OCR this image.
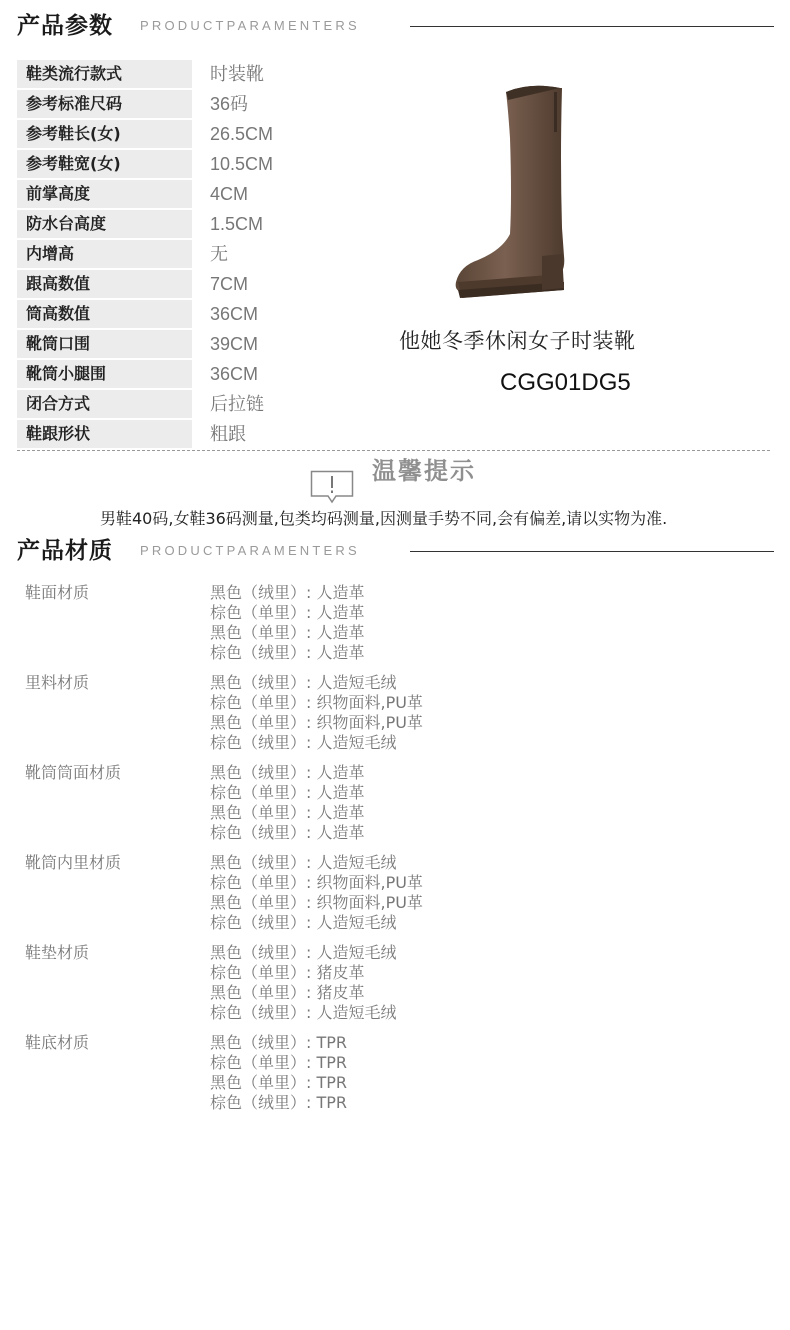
产品参数 PRODUCTPARAMENTERS
鞋类流行款式	时装靴
参考标准尺码	36码
参考鞋长(女)	26.5CM
参考鞋宽(女)	10.5CM
前掌高度	4CM
防水台高度	1.5CM
内增高	无
跟高数值	7CM
筒高数值	36CM
靴筒口围	39CM
靴筒小腿围	36CM
闭合方式	后拉链
鞋跟形状	粗跟
他她冬季休闲女子时装靴
CGG01DG5
温馨提示
男鞋40码,女鞋36码测量,包类均码测量,因测量手势不同,会有偏差,请以实物为准.
产品材质 PRODUCTPARAMENTERS
鞋面材质	黑色（绒里）: 人造革
棕色（单里）: 人造革
黑色（单里）: 人造革
棕色（绒里）: 人造革
里料材质	黑色（绒里）: 人造短毛绒
棕色（单里）: 织物面料,PU革
黑色（单里）: 织物面料,PU革
棕色（绒里）: 人造短毛绒
靴筒筒面材质	黑色（绒里）: 人造革
棕色（单里）: 人造革
黑色（单里）: 人造革
棕色（绒里）: 人造革
靴筒内里材质	黑色（绒里）: 人造短毛绒
棕色（单里）: 织物面料,PU革
黑色（单里）: 织物面料,PU革
棕色（绒里）: 人造短毛绒
鞋垫材质	黑色（绒里）: 人造短毛绒
棕色（单里）: 猪皮革
黑色（单里）: 猪皮革
棕色（绒里）: 人造短毛绒
鞋底材质	黑色（绒里）: TPR
棕色（单里）: TPR
黑色（单里）: TPR
棕色（绒里）: TPR
